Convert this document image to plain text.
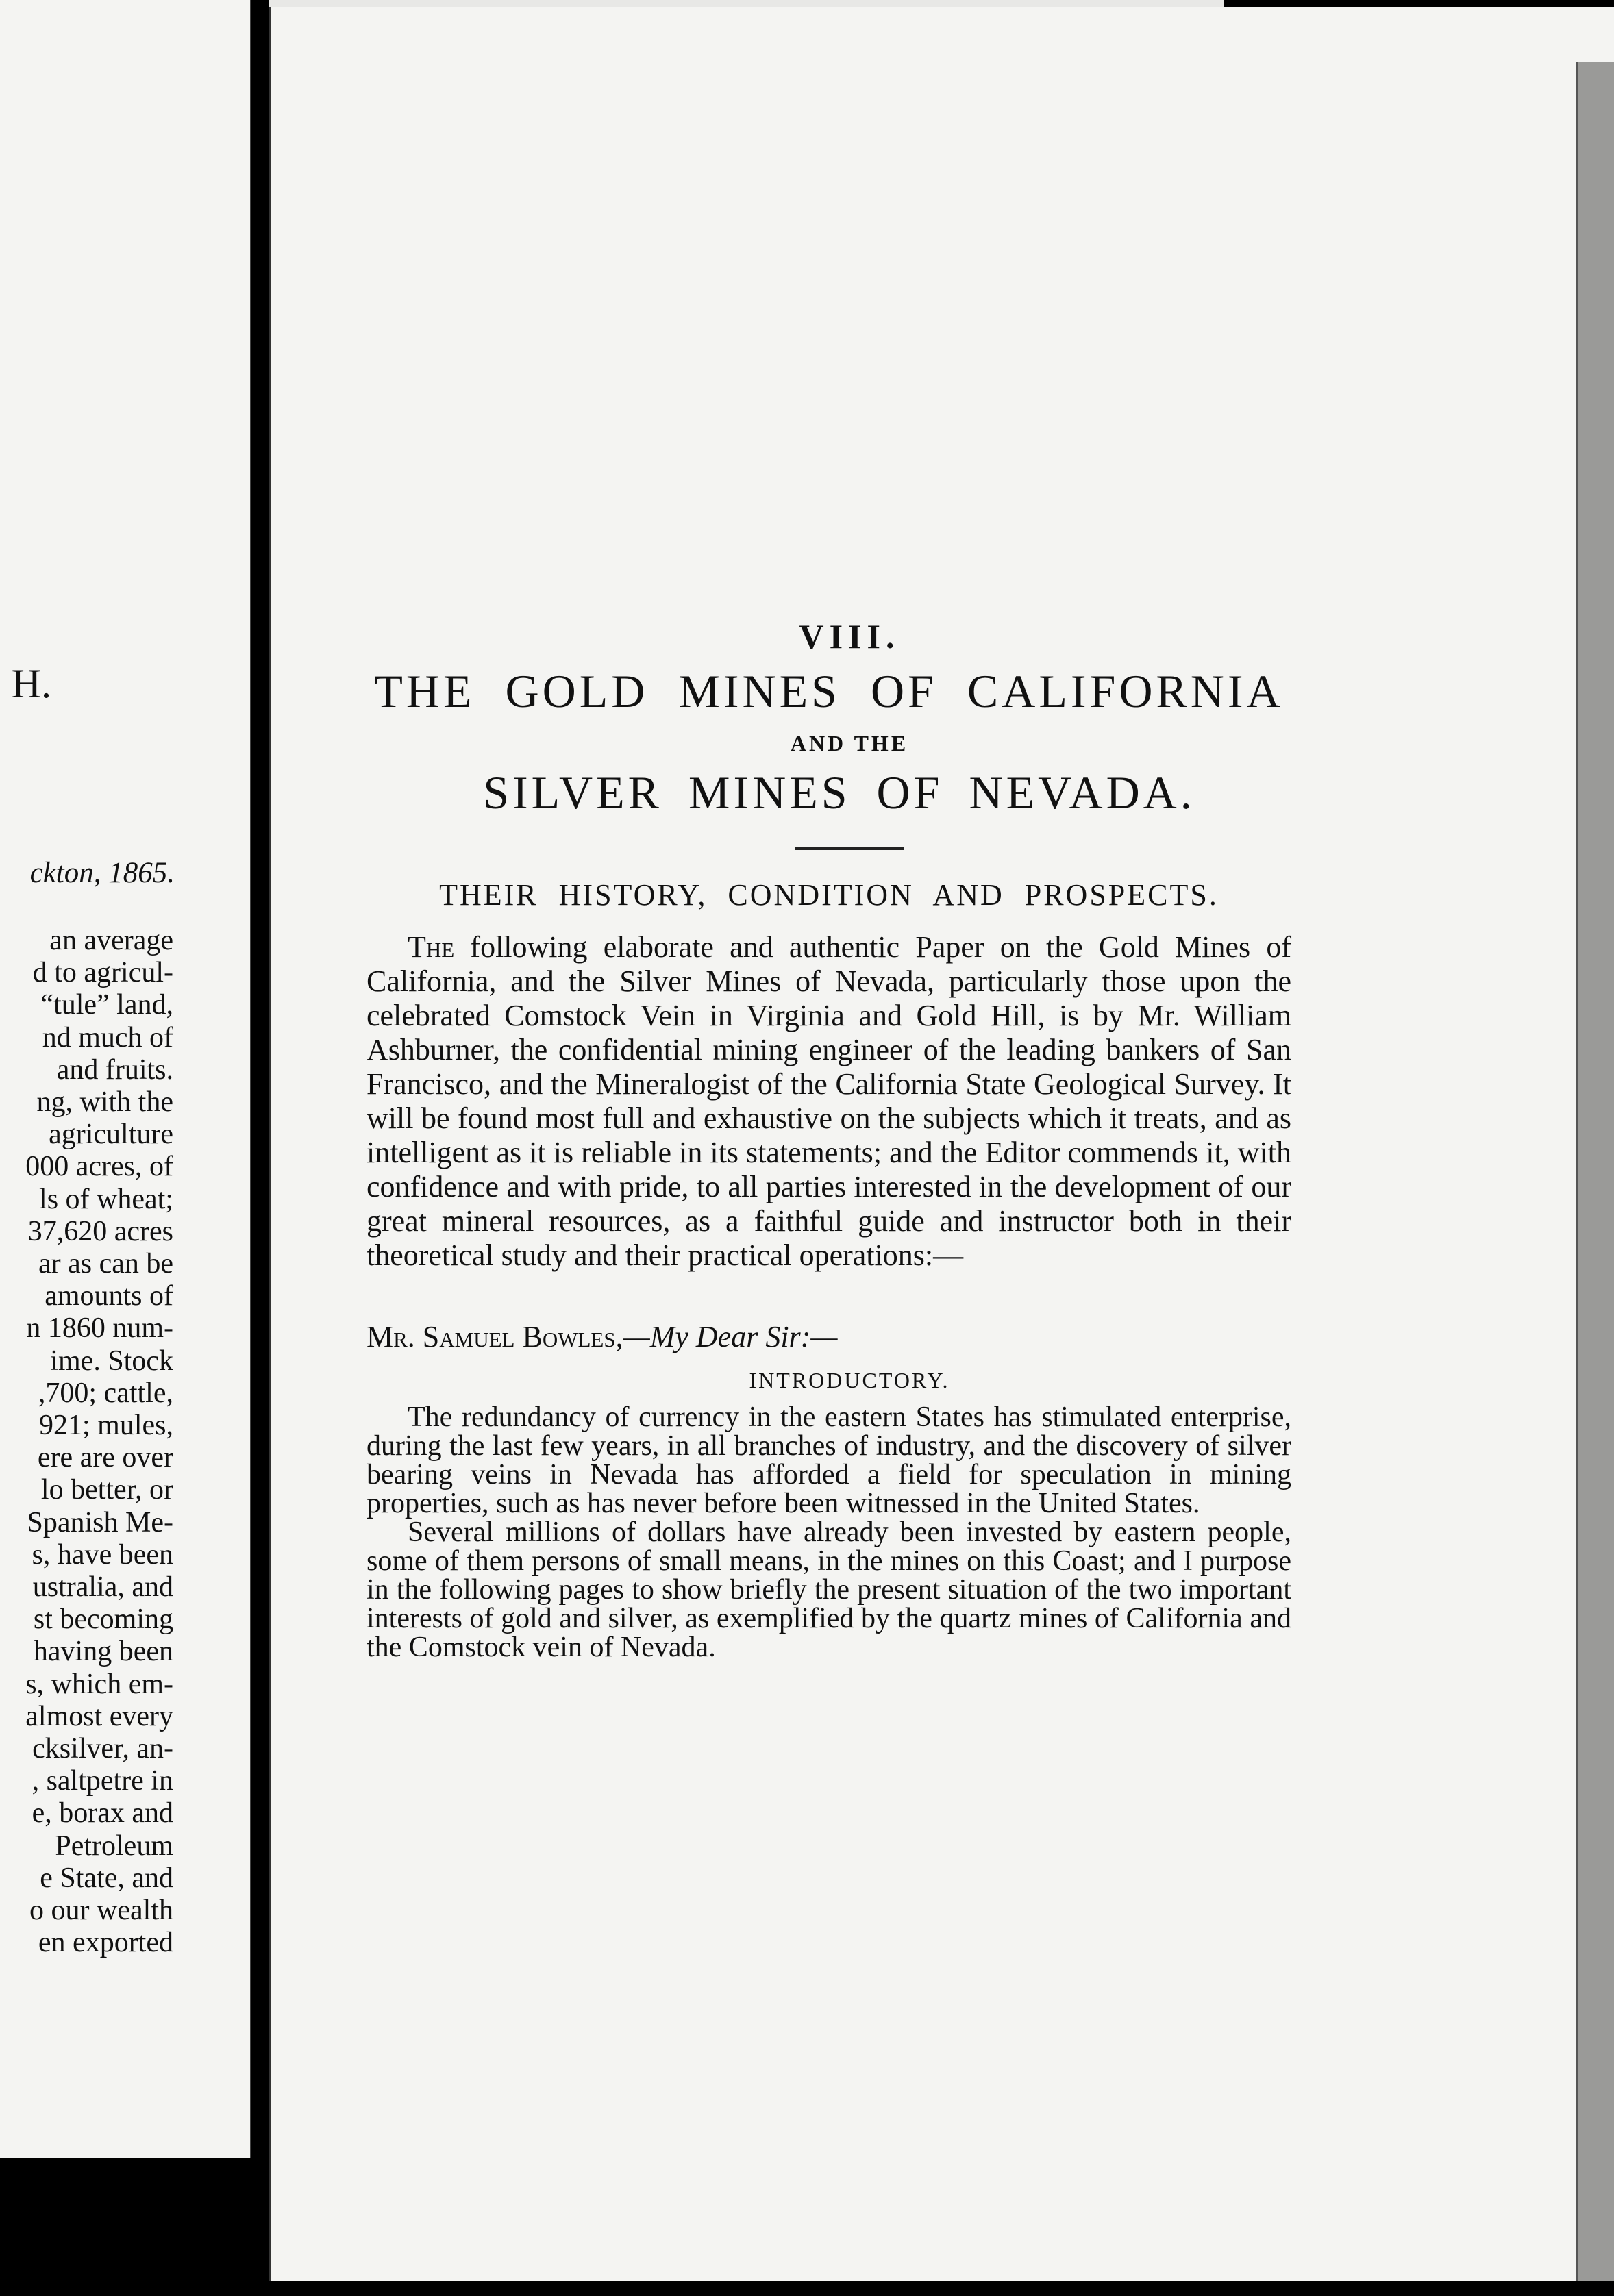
H.
ckton, 1865.
an average
d to agricul-
“tule” land,
nd much of
and fruits.
ng, with the
agriculture
000 acres, of
ls of wheat;
37,620 acres
ar as can be
amounts of
n 1860 num-
ime. Stock
,700; cattle,
921; mules,
ere are over
lo better, or
Spanish Me-
s, have been
ustralia, and
st becoming
having been
s, which em-
almost every
cksilver, an-
, saltpetre in
e, borax and
Petroleum
e State, and
o our wealth
en exported
VIII.
THE GOLD MINES OF CALIFORNIA
AND THE
SILVER MINES OF NEVADA.
THEIR HISTORY, CONDITION AND PROSPECTS.

The following elaborate and authentic Paper on the Gold Mines of California, and the Silver Mines of Nevada, particularly those upon the celebrated Comstock Vein in Virginia and Gold Hill, is by Mr. William Ashburner, the confidential mining engineer of the leading bankers of San Francisco, and the Mineralogist of the California State Geological Survey. It will be found most full and exhaustive on the subjects which it treats, and as intelligent as it is reliable in its statements; and the Editor commends it, with confidence and with pride, to all parties interested in the development of our great mineral resources, as a faithful guide and instructor both in their theoretical study and their practical operations:—

Mr. Samuel Bowles,—My Dear Sir:—
INTRODUCTORY.

The redundancy of currency in the eastern States has stimulated enterprise, during the last few years, in all branches of industry, and the discovery of silver bearing veins in Nevada has afforded a field for speculation in mining properties, such as has never before been witnessed in the United States.

Several millions of dollars have already been invested by eastern people, some of them persons of small means, in the mines on this Coast; and I purpose in the following pages to show briefly the present situation of the two important interests of gold and silver, as exemplified by the quartz mines of California and the Comstock vein of Nevada.
